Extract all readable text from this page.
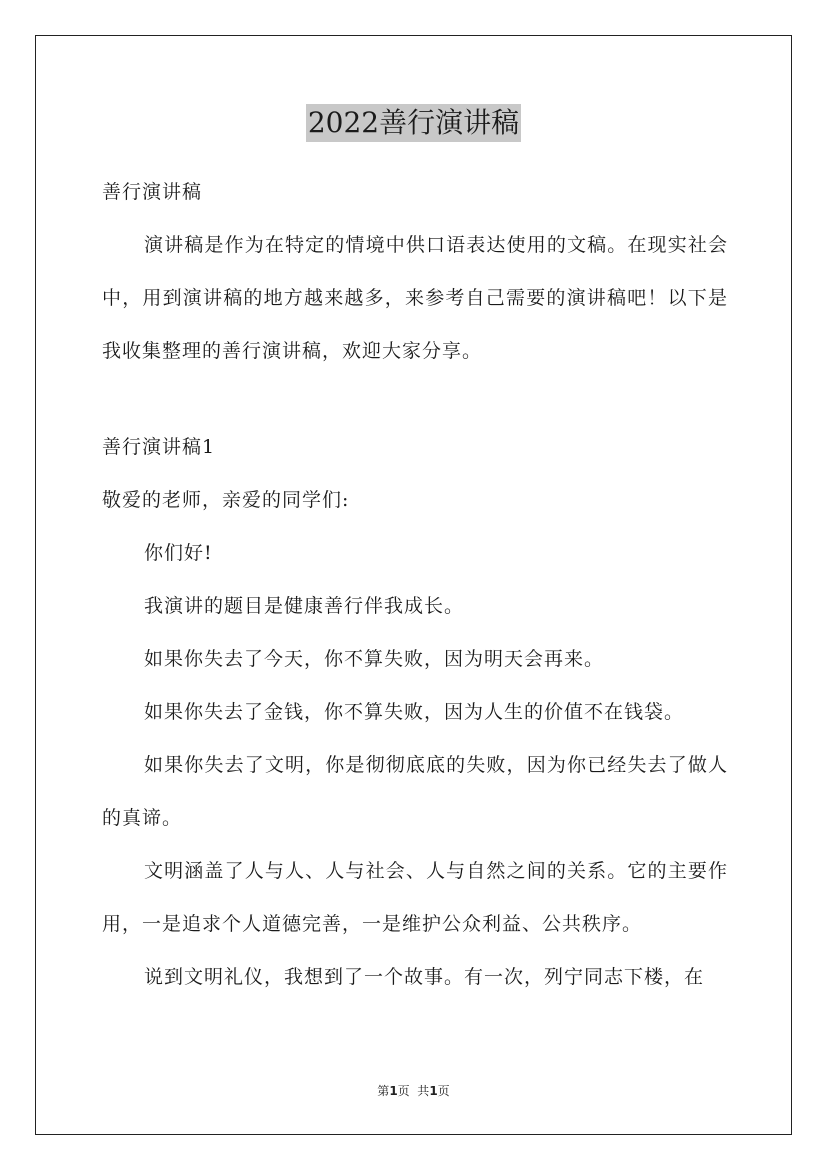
2022善行演讲稿

善行演讲稿

演讲稿是作为在特定的情境中供口语表达使用的文稿。在现实社会中，用到演讲稿的地方越来越多，来参考自己需要的演讲稿吧！以下是我收集整理的善行演讲稿，欢迎大家分享。

善行演讲稿1

敬爱的老师，亲爱的同学们:

你们好!

我演讲的题目是健康善行伴我成长。

如果你失去了今天，你不算失败，因为明天会再来。

如果你失去了金钱，你不算失败，因为人生的价值不在钱袋。

如果你失去了文明，你是彻彻底底的失败，因为你已经失去了做人的真谛。

文明涵盖了人与人、人与社会、人与自然之间的关系。它的主要作用，一是追求个人道德完善，一是维护公众利益、公共秩序。

说到文明礼仪，我想到了一个故事。有一次，列宁同志下楼，在

第1页  共1页
